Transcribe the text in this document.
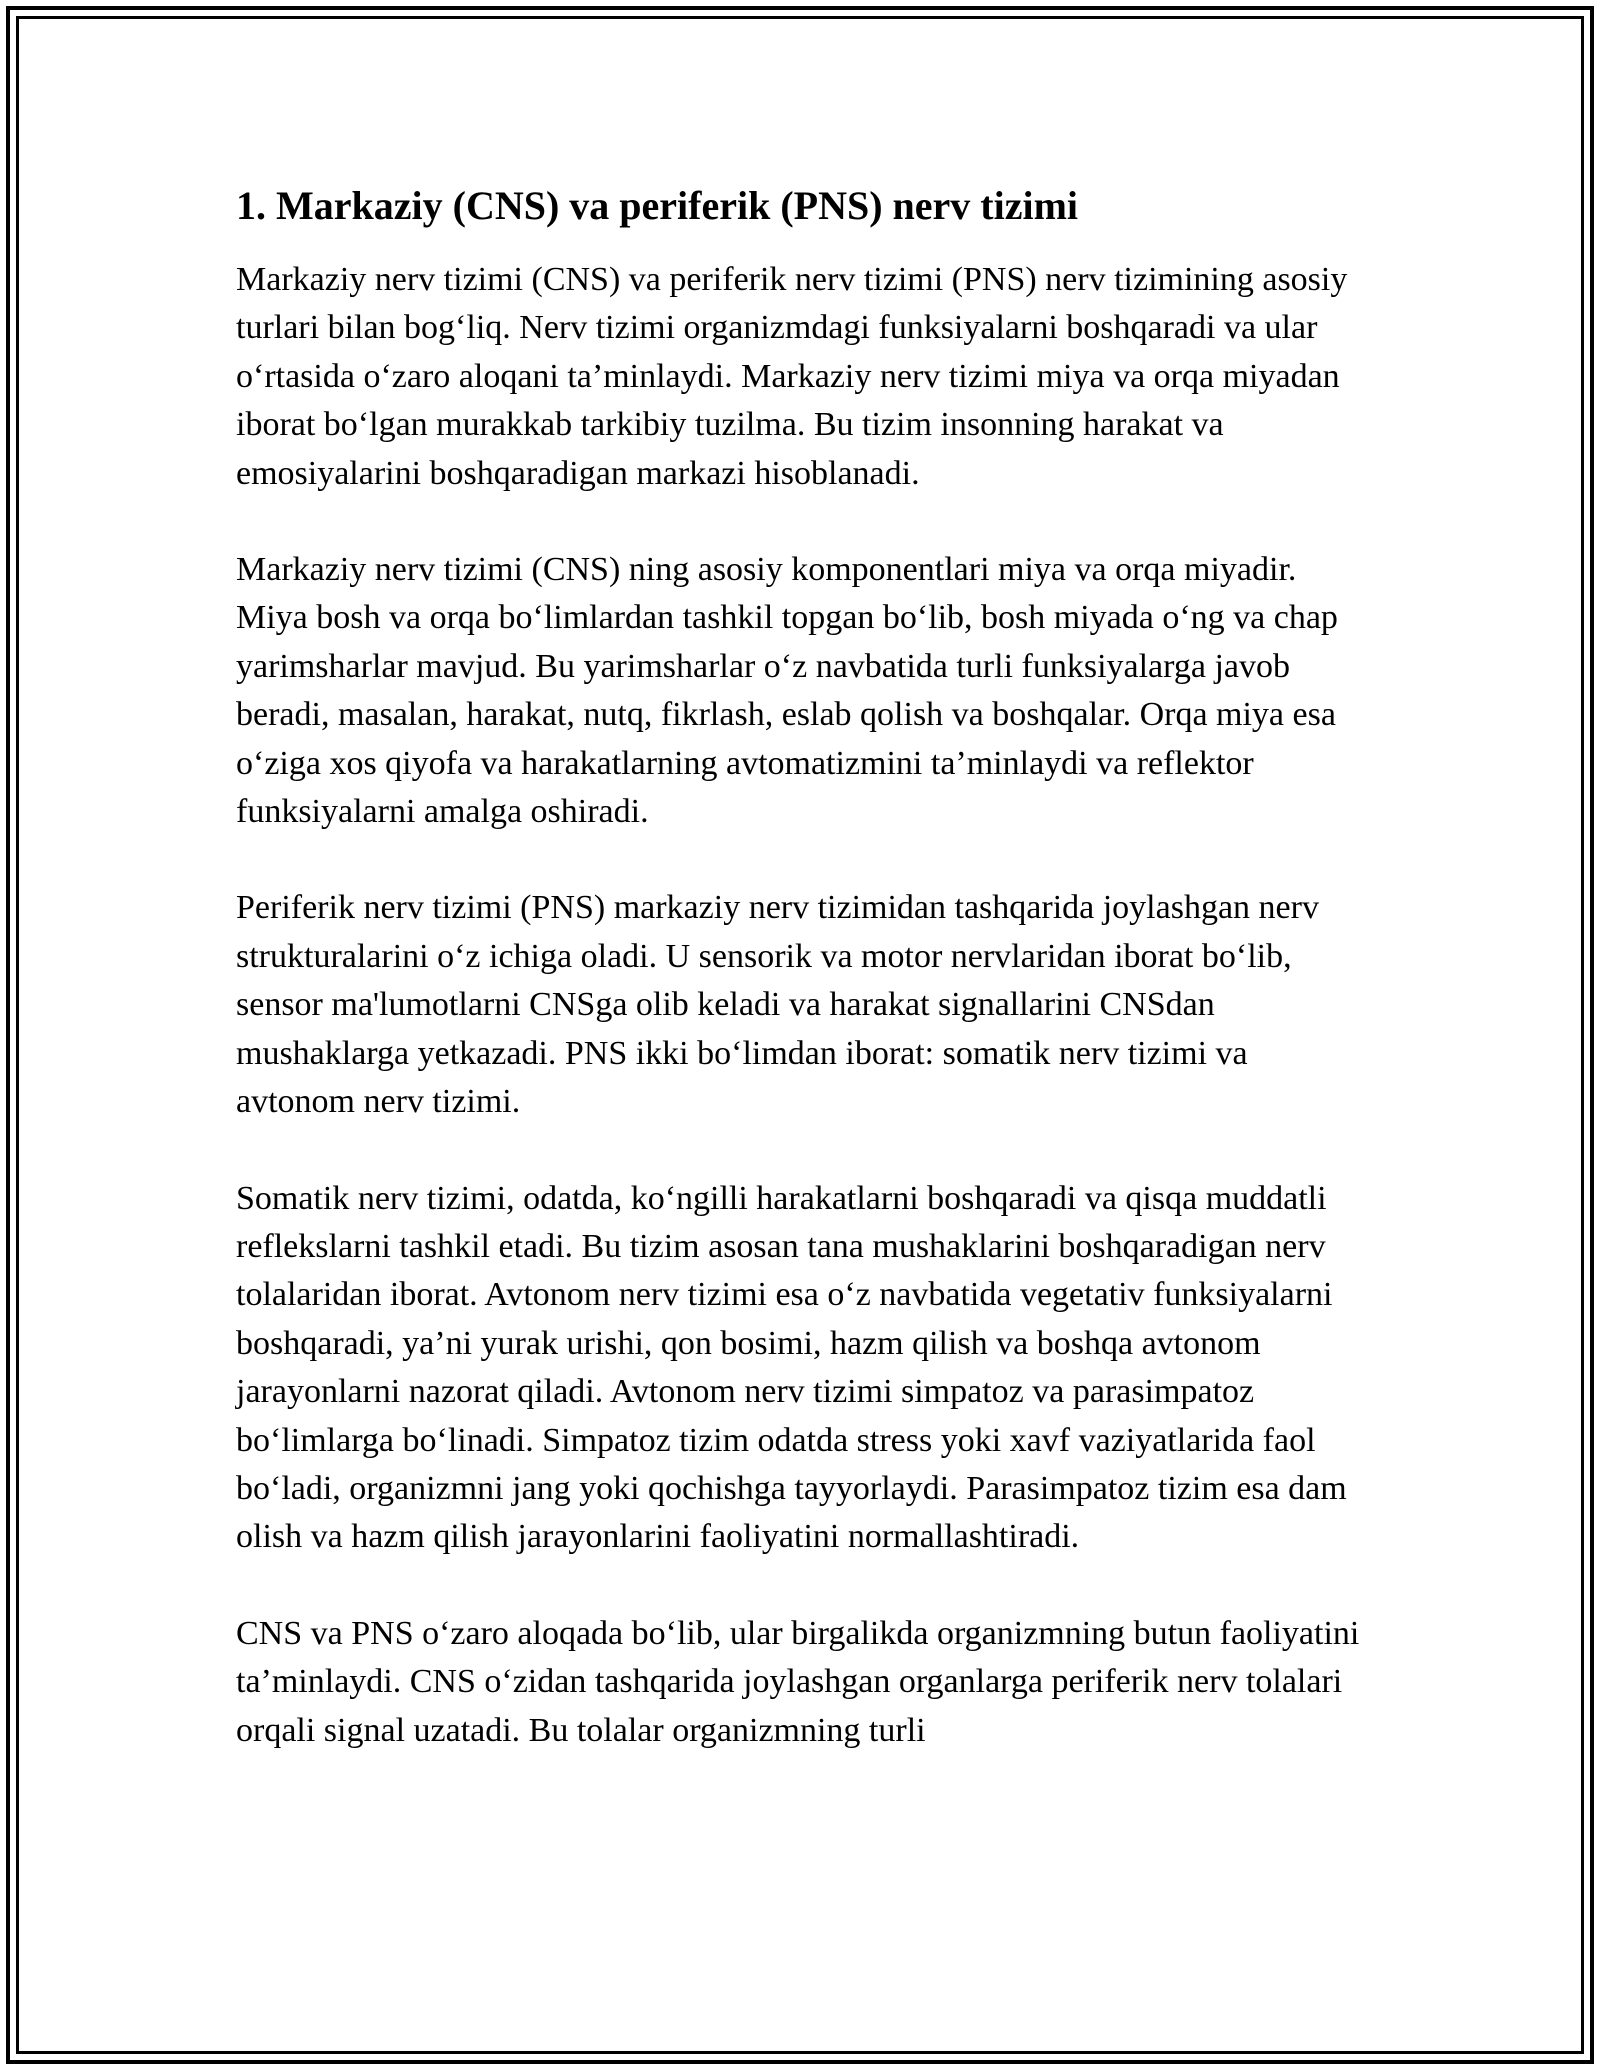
1. Markaziy (CNS) va periferik (PNS) nerv tizimi

Markaziy nerv tizimi (CNS) va periferik nerv tizimi (PNS) nerv tizimining asosiy turlari bilan bog‘liq. Nerv tizimi organizmdagi funksiyalarni boshqaradi va ular o‘rtasida o‘zaro aloqani ta’minlaydi. Markaziy nerv tizimi miya va orqa miyadan iborat bo‘lgan murakkab tarkibiy tuzilma. Bu tizim insonning harakat va emosiyalarini boshqaradigan markazi hisoblanadi.

Markaziy nerv tizimi (CNS) ning asosiy komponentlari miya va orqa miyadir. Miya bosh va orqa bo‘limlardan tashkil topgan bo‘lib, bosh miyada o‘ng va chap yarimsharlar mavjud. Bu yarimsharlar o‘z navbatida turli funksiyalarga javob beradi, masalan, harakat, nutq, fikrlash, eslab qolish va boshqalar. Orqa miya esa o‘ziga xos qiyofa va harakatlarning avtomatizmini ta’minlaydi va reflektor funksiyalarni amalga oshiradi.

Periferik nerv tizimi (PNS) markaziy nerv tizimidan tashqarida joylashgan nerv strukturalarini o‘z ichiga oladi. U sensorik va motor nervlaridan iborat bo‘lib, sensor ma'lumotlarni CNSga olib keladi va harakat signallarini CNSdan mushaklarga yetkazadi. PNS ikki bo‘limdan iborat: somatik nerv tizimi va avtonom nerv tizimi.

Somatik nerv tizimi, odatda, ko‘ngilli harakatlarni boshqaradi va qisqa muddatli reflekslarni tashkil etadi. Bu tizim asosan tana mushaklarini boshqaradigan nerv tolalaridan iborat. Avtonom nerv tizimi esa o‘z navbatida vegetativ funksiyalarni boshqaradi, ya’ni yurak urishi, qon bosimi, hazm qilish va boshqa avtonom jarayonlarni nazorat qiladi. Avtonom nerv tizimi simpatoz va parasimpatoz bo‘limlarga bo‘linadi. Simpatoz tizim odatda stress yoki xavf vaziyatlarida faol bo‘ladi, organizmni jang yoki qochishga tayyorlaydi. Parasimpatoz tizim esa dam olish va hazm qilish jarayonlarini faoliyatini normallashtiradi.

CNS va PNS o‘zaro aloqada bo‘lib, ular birgalikda organizmning butun faoliyatini ta’minlaydi. CNS o‘zidan tashqarida joylashgan organlarga periferik nerv tolalari orqali signal uzatadi. Bu tolalar organizmning turli
